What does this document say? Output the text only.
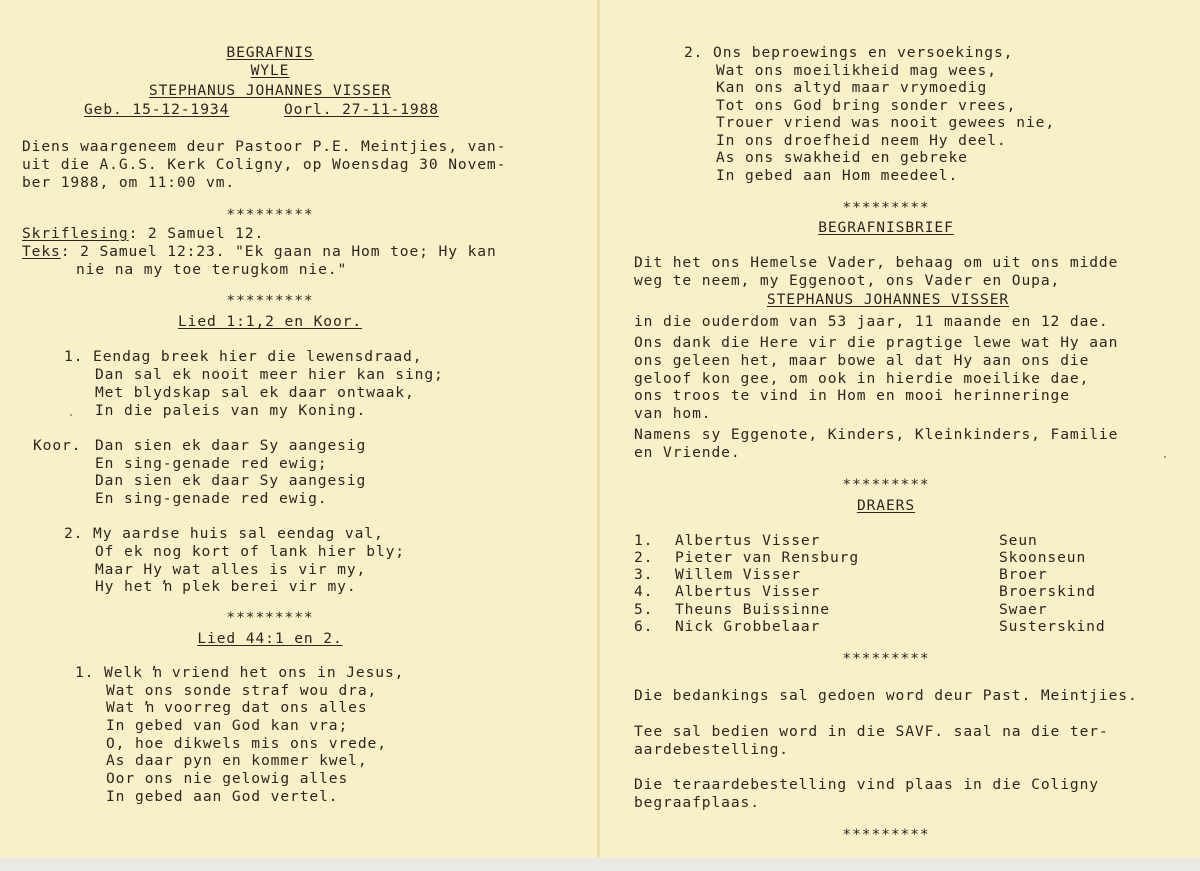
BEGRAFNIS
WYLE
STEPHANUS JOHANNES VISSER
Geb. 15-12-1934	Oorl. 27-11-1988
Diens waargeneem deur Pastoor P.E. Meintjies, van-
uit die A.G.S. Kerk Coligny, op Woensdag 30 Novem-
ber 1988, om 11:00 vm.
*********
Skriflesing: 2 Samuel 12.
Teks: 2 Samuel 12:23. "Ek gaan na Hom toe; Hy kan
nie na my toe terugkom nie."
*********
Lied 1:1,2 en Koor.
1. Eendag breek hier die lewensdraad,
Dan sal ek nooit meer hier kan sing;
Met blydskap sal ek daar ontwaak,
In die paleis van my Koning.
Koor. Dan sien ek daar Sy aangesig
En sing-genade red ewig;
Dan sien ek daar Sy aangesig
En sing-genade red ewig.
2. My aardse huis sal eendag val,
Of ek nog kort of lank hier bly;
Maar Hy wat alles is vir my,
Hy het ŉ plek berei vir my.
*********
Lied 44:1 en 2.
1. Welk ŉ vriend het ons in Jesus,
Wat ons sonde straf wou dra,
Wat ŉ voorreg dat ons alles
In gebed van God kan vra;
O, hoe dikwels mis ons vrede,
As daar pyn en kommer kwel,
Oor ons nie gelowig alles
In gebed aan God vertel.
2. Ons beproewings en versoekings,
Wat ons moeilikheid mag wees,
Kan ons altyd maar vrymoedig
Tot ons God bring sonder vrees,
Trouer vriend was nooit gewees nie,
In ons droefheid neem Hy deel.
As ons swakheid en gebreke
In gebed aan Hom meedeel.
*********
BEGRAFNISBRIEF
Dit het ons Hemelse Vader, behaag om uit ons midde
weg te neem, my Eggenoot, ons Vader en Oupa,
STEPHANUS JOHANNES VISSER
in die ouderdom van 53 jaar, 11 maande en 12 dae.
Ons dank die Here vir die pragtige lewe wat Hy aan
ons geleen het, maar bowe al dat Hy aan ons die
geloof kon gee, om ook in hierdie moeilike dae,
ons troos te vind in Hom en mooi herinneringe
van hom.
Namens sy Eggenote, Kinders, Kleinkinders, Familie
en Vriende.
*********
DRAERS
1. Albertus Visser	Seun
2. Pieter van Rensburg	Skoonseun
3. Willem Visser	Broer
4. Albertus Visser	Broerskind
5. Theuns Buissinne	Swaer
6. Nick Grobbelaar	Susterskind
*********
Die bedankings sal gedoen word deur Past. Meintjies.
Tee sal bedien word in die SAVF. saal na die ter-
aardebestelling.
Die teraardebestelling vind plaas in die Coligny
begraafplaas.
*********
